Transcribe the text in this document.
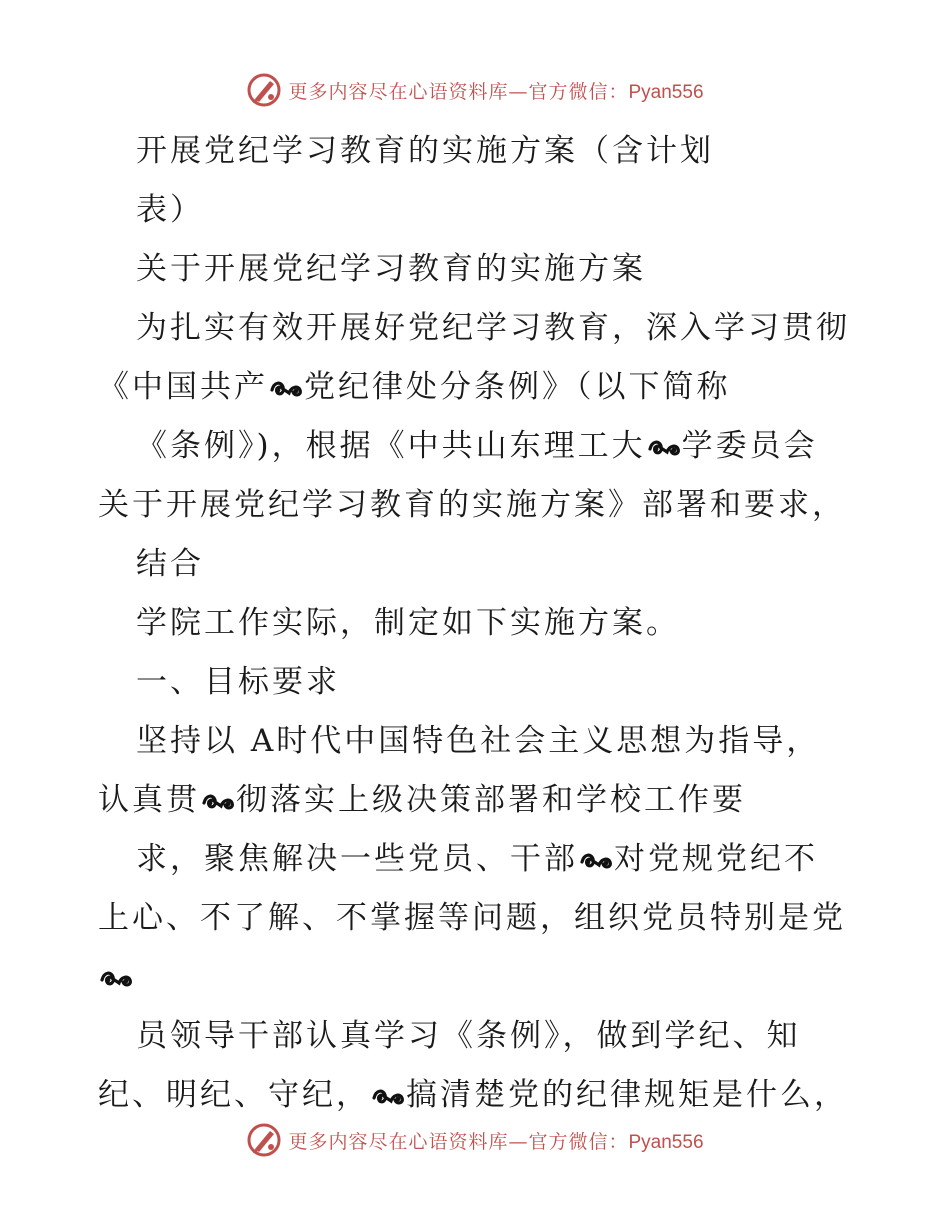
更多内容尽在心语资料库—官方微信：Pyan556
开展党纪学习教育的实施方案（含计划
表）
关于开展党纪学习教育的实施方案
为扎实有效开展好党纪学习教育，深入学习贯彻
《中国共产 党纪律处分条例》（以下简称
《条例》)，根据《中共山东理工大 学委员会
关于开展党纪学习教育的实施方案》部署和要求，
结合
学院工作实际，制定如下实施方案。
一、目标要求
坚持以 A时代中国特色社会主义思想为指导，
认真贯 彻落实上级决策部署和学校工作要
求，聚焦解决一些党员、干部 对党规党纪不
上心、不了解、不掌握等问题，组织党员特别是党
员领导干部认真学习《条例》，做到学纪、知
纪、明纪、守纪， 搞清楚党的纪律规矩是什么，
更多内容尽在心语资料库—官方微信：Pyan556
